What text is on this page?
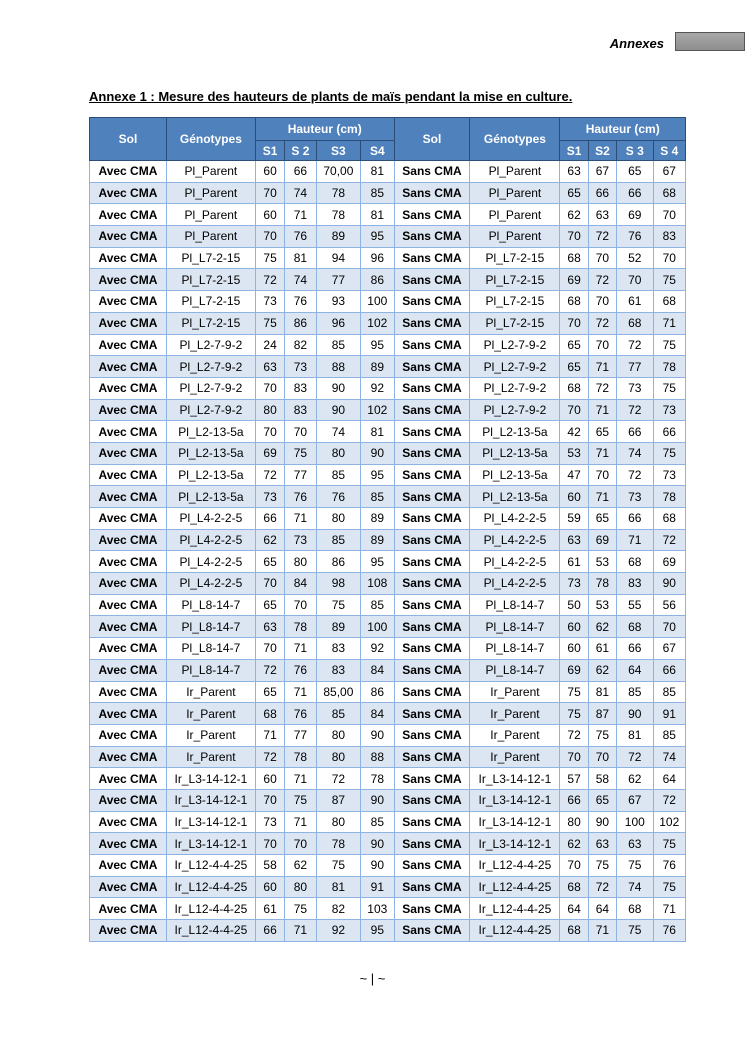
Annexes
Annexe 1 : Mesure des hauteurs de plants de maïs pendant la mise en culture.
Sol	Génotypes	Hauteur (cm)				Sol	Génotypes	Hauteur (cm)			
		S1	S 2	S3	S4			S1	S2	S 3	S 4
Avec CMA	Pl_Parent	60	66	70,00	81	Sans CMA	Pl_Parent	63	67	65	67
Avec CMA	Pl_Parent	70	74	78	85	Sans CMA	Pl_Parent	65	66	66	68
Avec CMA	Pl_Parent	60	71	78	81	Sans CMA	Pl_Parent	62	63	69	70
Avec CMA	Pl_Parent	70	76	89	95	Sans CMA	Pl_Parent	70	72	76	83
Avec CMA	Pl_L7-2-15	75	81	94	96	Sans CMA	Pl_L7-2-15	68	70	52	70
Avec CMA	Pl_L7-2-15	72	74	77	86	Sans CMA	Pl_L7-2-15	69	72	70	75
Avec CMA	Pl_L7-2-15	73	76	93	100	Sans CMA	Pl_L7-2-15	68	70	61	68
Avec CMA	Pl_L7-2-15	75	86	96	102	Sans CMA	Pl_L7-2-15	70	72	68	71
Avec CMA	Pl_L2-7-9-2	24	82	85	95	Sans CMA	Pl_L2-7-9-2	65	70	72	75
Avec CMA	Pl_L2-7-9-2	63	73	88	89	Sans CMA	Pl_L2-7-9-2	65	71	77	78
Avec CMA	Pl_L2-7-9-2	70	83	90	92	Sans CMA	Pl_L2-7-9-2	68	72	73	75
Avec CMA	Pl_L2-7-9-2	80	83	90	102	Sans CMA	Pl_L2-7-9-2	70	71	72	73
Avec CMA	Pl_L2-13-5a	70	70	74	81	Sans CMA	Pl_L2-13-5a	42	65	66	66
Avec CMA	Pl_L2-13-5a	69	75	80	90	Sans CMA	Pl_L2-13-5a	53	71	74	75
Avec CMA	Pl_L2-13-5a	72	77	85	95	Sans CMA	Pl_L2-13-5a	47	70	72	73
Avec CMA	Pl_L2-13-5a	73	76	76	85	Sans CMA	Pl_L2-13-5a	60	71	73	78
Avec CMA	Pl_L4-2-2-5	66	71	80	89	Sans CMA	Pl_L4-2-2-5	59	65	66	68
Avec CMA	Pl_L4-2-2-5	62	73	85	89	Sans CMA	Pl_L4-2-2-5	63	69	71	72
Avec CMA	Pl_L4-2-2-5	65	80	86	95	Sans CMA	Pl_L4-2-2-5	61	53	68	69
Avec CMA	Pl_L4-2-2-5	70	84	98	108	Sans CMA	Pl_L4-2-2-5	73	78	83	90
Avec CMA	Pl_L8-14-7	65	70	75	85	Sans CMA	Pl_L8-14-7	50	53	55	56
Avec CMA	Pl_L8-14-7	63	78	89	100	Sans CMA	Pl_L8-14-7	60	62	68	70
Avec CMA	Pl_L8-14-7	70	71	83	92	Sans CMA	Pl_L8-14-7	60	61	66	67
Avec CMA	Pl_L8-14-7	72	76	83	84	Sans CMA	Pl_L8-14-7	69	62	64	66
Avec CMA	Ir_Parent	65	71	85,00	86	Sans CMA	Ir_Parent	75	81	85	85
Avec CMA	Ir_Parent	68	76	85	84	Sans CMA	Ir_Parent	75	87	90	91
Avec CMA	Ir_Parent	71	77	80	90	Sans CMA	Ir_Parent	72	75	81	85
Avec CMA	Ir_Parent	72	78	80	88	Sans CMA	Ir_Parent	70	70	72	74
Avec CMA	Ir_L3-14-12-1	60	71	72	78	Sans CMA	Ir_L3-14-12-1	57	58	62	64
Avec CMA	Ir_L3-14-12-1	70	75	87	90	Sans CMA	Ir_L3-14-12-1	66	65	67	72
Avec CMA	Ir_L3-14-12-1	73	71	80	85	Sans CMA	Ir_L3-14-12-1	80	90	100	102
Avec CMA	Ir_L3-14-12-1	70	70	78	90	Sans CMA	Ir_L3-14-12-1	62	63	63	75
Avec CMA	Ir_L12-4-4-25	58	62	75	90	Sans CMA	Ir_L12-4-4-25	70	75	75	76
Avec CMA	Ir_L12-4-4-25	60	80	81	91	Sans CMA	Ir_L12-4-4-25	68	72	74	75
Avec CMA	Ir_L12-4-4-25	61	75	82	103	Sans CMA	Ir_L12-4-4-25	64	64	68	71
Avec CMA	Ir_L12-4-4-25	66	71	92	95	Sans CMA	Ir_L12-4-4-25	68	71	75	76
~ | ~
